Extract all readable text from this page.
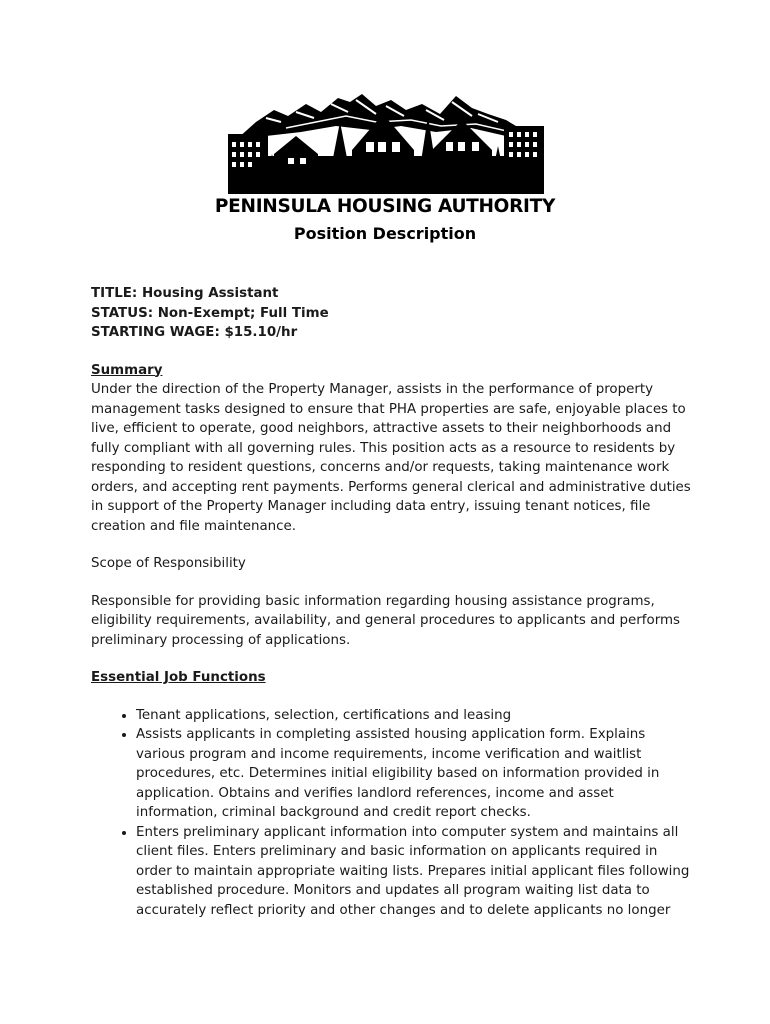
PENINSULA HOUSING AUTHORITY
Position Description
TITLE: Housing Assistant
STATUS: Non-Exempt; Full Time
STARTING WAGE: $15.10/hr
Summary

Under the direction of the Property Manager, assists in the performance of property management tasks designed to ensure that PHA properties are safe, enjoyable places to live, efficient to operate, good neighbors, attractive assets to their neighborhoods and fully compliant with all governing rules. This position acts as a resource to residents by responding to resident questions, concerns and/or requests, taking maintenance work orders, and accepting rent payments. Performs general clerical and administrative duties in support of the Property Manager including data entry, issuing tenant notices, file creation and file maintenance.

Scope of Responsibility

Responsible for providing basic information regarding housing assistance programs, eligibility requirements, availability, and general procedures to applicants and performs preliminary processing of applications.

Essential Job Functions
• Tenant applications, selection, certifications and leasing
• Assists applicants in completing assisted housing application form. Explains various program and income requirements, income verification and waitlist procedures, etc. Determines initial eligibility based on information provided in application. Obtains and verifies landlord references, income and asset information, criminal background and credit report checks.
• Enters preliminary applicant information into computer system and maintains all client files. Enters preliminary and basic information on applicants required in order to maintain appropriate waiting lists. Prepares initial applicant files following established procedure. Monitors and updates all program waiting list data to accurately reflect priority and other changes and to delete applicants no longer
